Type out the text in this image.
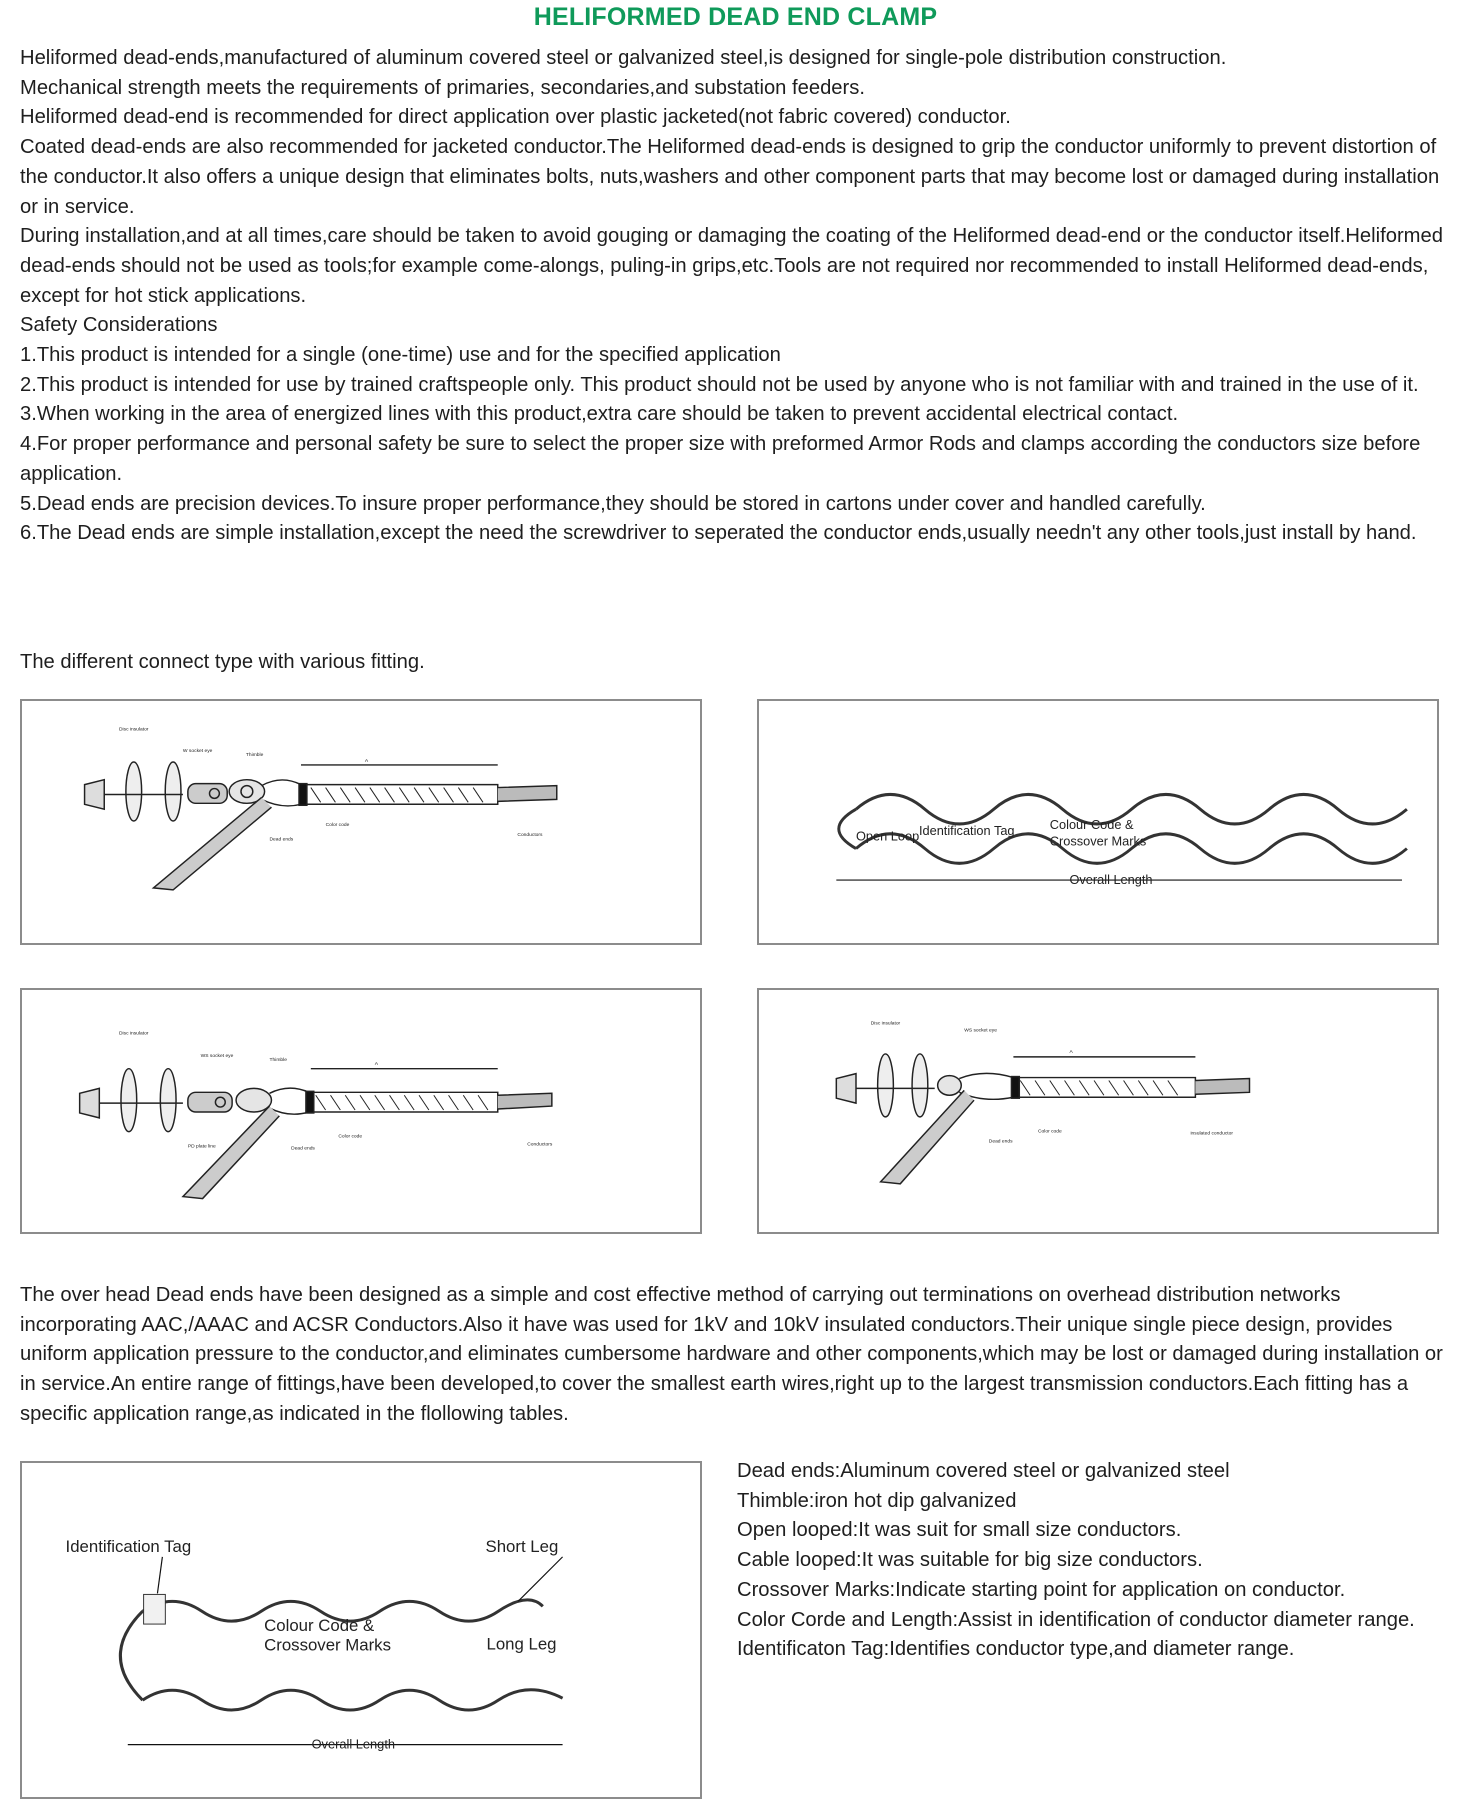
HELIFORMED DEAD END CLAMP

Heliformed dead-ends,manufactured of aluminum covered steel or galvanized steel,is designed for single-pole distribution construction.

Mechanical strength meets the requirements of primaries, secondaries,and substation feeders.

Heliformed dead-end is recommended for direct application over plastic jacketed(not fabric covered) conductor.

Coated dead-ends are also recommended for jacketed conductor.The Heliformed dead-ends is designed to grip the conductor uniformly to prevent distortion of the conductor.It also offers a unique design that eliminates bolts, nuts,washers and other component parts that may become lost or damaged during installation or in service.

During installation,and at all times,care should be taken to avoid gouging or damaging the coating of the Heliformed dead-end or the conductor itself.Heliformed dead-ends should not be used as tools;for example come-alongs, puling-in grips,etc.Tools are not required nor recommended to install Heliformed dead-ends, except for hot stick applications.

Safety Considerations

1.This product is intended for a single (one-time) use and for the specified application

2.This product is intended for use by trained craftspeople only. This product should not be used by anyone who is not familiar with and trained in the use of it.

3.When working in the area of energized lines with this product,extra care should be taken to prevent accidental electrical contact.

4.For proper performance and personal safety be sure to select the proper size with preformed Armor Rods and clamps according the conductors size before application.

5.Dead ends are precision devices.To insure proper performance,they should be stored in cartons under cover and handled carefully.

6.The Dead ends are simple installation,except the need the screwdriver to seperated the conductor ends,usually needn't any other tools,just install by hand.

The different connect type with various fitting.

Disc insulator
W socket eye
Thimble
A
Color code
Dead ends
Conductors	Open Loop Identification Tag	Colour Code &
Crossover Marks
Overall Length
Disc insulator
WS socket eye
Thimble
A
PD plate line	Dead ends
Color code
Conductors
Disc insulator
WS socket eye
A
Dead ends
Color code	insulated conductor

The over head Dead ends have been designed as a simple and cost effective method of carrying out terminations on overhead distribution networks incorporating AAC,/AAAC and ACSR Conductors.Also it have was used for 1kV and 10kV insulated conductors.Their unique single piece design, provides uniform application pressure to the conductor,and eliminates cumbersome hardware and other components,which may be lost or damaged during installation or in service.An entire range of fittings,have been developed,to cover the smallest earth wires,right up to the largest transmission conductors.Each fitting has a specific application range,as indicated in the flollowing tables.

Identification Tag	Short Leg
Colour Code &
Crossover Marks	Long Leg
Overall Length
Dead ends:Aluminum covered steel or galvanized steel
Thimble:iron hot dip galvanized
Open looped:It was suit for small size conductors.
Cable looped:It was suitable for big size conductors.
Crossover Marks:Indicate starting point for application on conductor.
Color Corde and Length:Assist in identification of conductor diameter range.
Identificaton Tag:Identifies conductor type,and diameter range.
